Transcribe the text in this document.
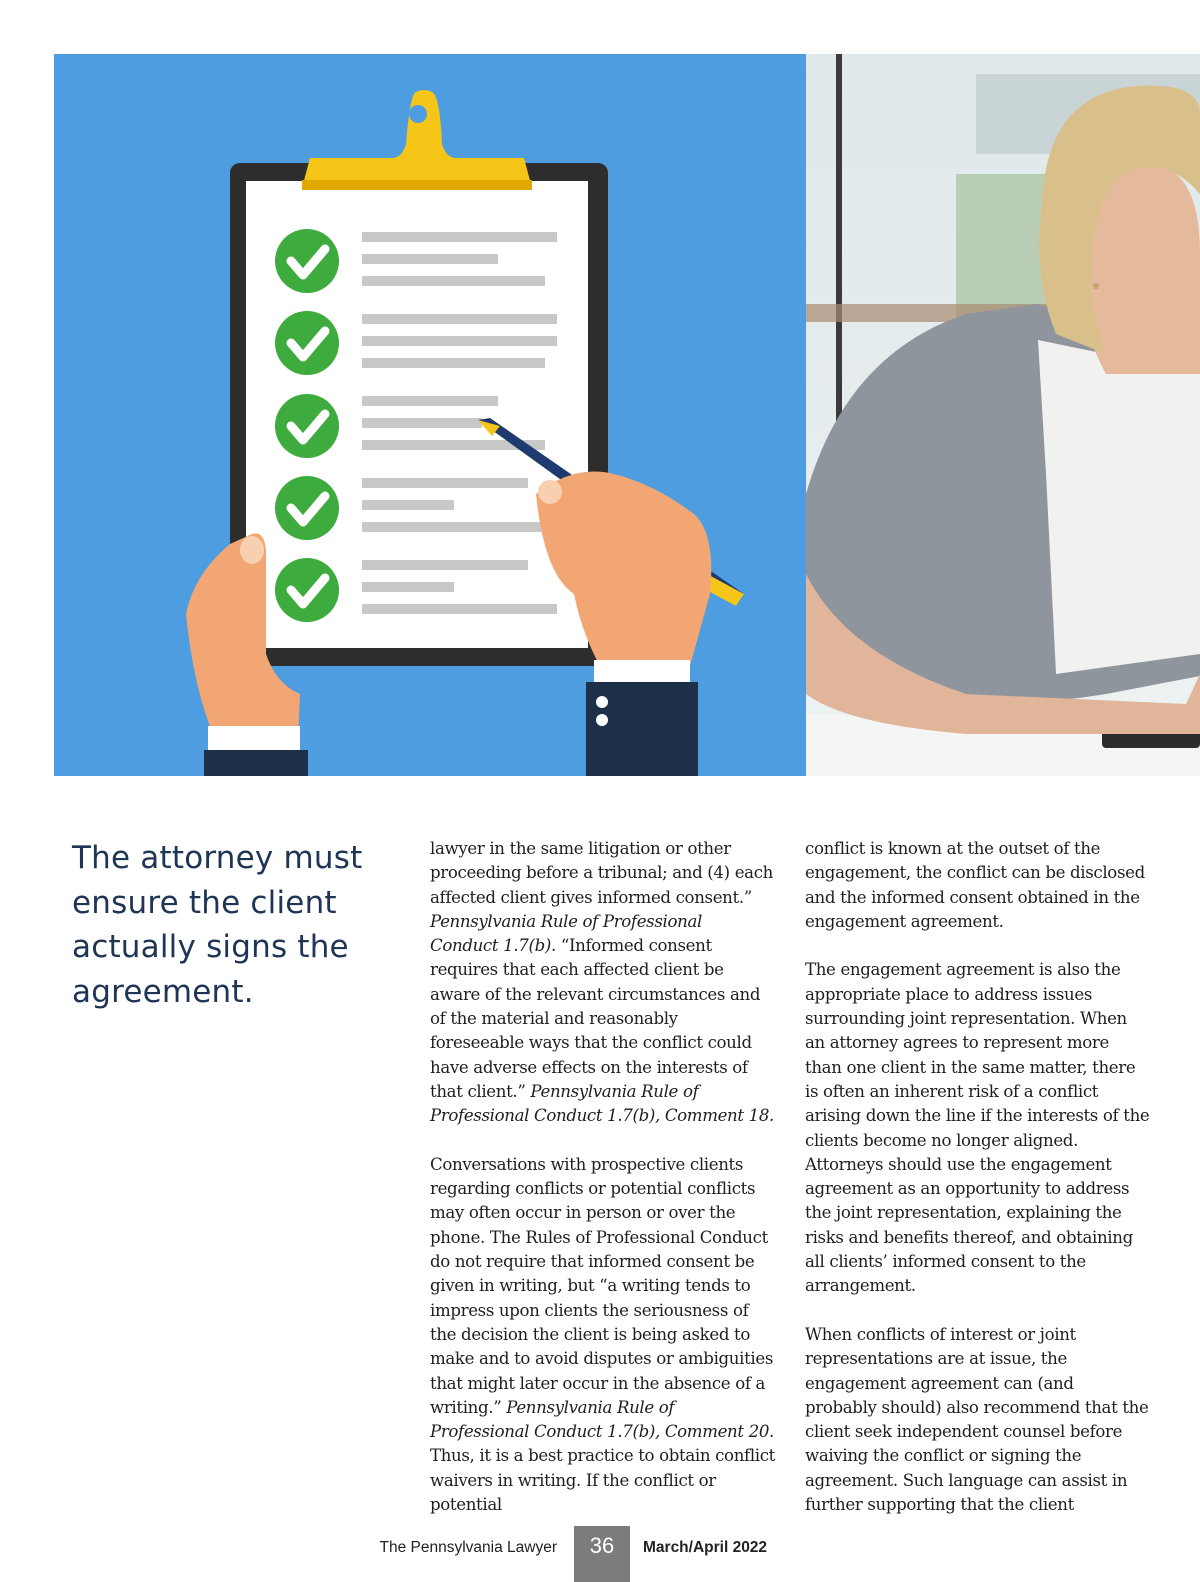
The attorney must ensure the client actually signs the agreement.

lawyer in the same litigation or other proceeding before a tribunal; and (4) each affected client gives informed consent.” Pennsylvania Rule of Professional Conduct 1.7(b). “Informed consent requires that each affected client be aware of the relevant circumstances and of the material and reasonably foreseeable ways that the conflict could have adverse effects on the interests of that client.” Pennsylvania Rule of Professional Conduct 1.7(b), Comment 18.

Conversations with prospective clients regarding conflicts or potential conflicts may often occur in person or over the phone. The Rules of Professional Conduct do not require that informed consent be given in writing, but “a writing tends to impress upon clients the seriousness of the decision the client is being asked to make and to avoid disputes or ambiguities that might later occur in the absence of a writing.” Pennsylvania Rule of Professional Conduct 1.7(b), Comment 20. Thus, it is a best practice to obtain conflict waivers in writing. If the conflict or potential

conflict is known at the outset of the engagement, the conflict can be disclosed and the informed consent obtained in the engagement agreement.

The engagement agreement is also the appropriate place to address issues surrounding joint representation. When an attorney agrees to represent more than one client in the same matter, there is often an inherent risk of a conflict arising down the line if the interests of the clients become no longer aligned. Attorneys should use the engagement agreement as an opportunity to address the joint representation, explaining the risks and benefits thereof, and obtaining all clients’ informed consent to the arrangement.

When conflicts of interest or joint representations are at issue, the engagement agreement can (and probably should) also recommend that the client seek independent counsel before waiving the conflict or signing the agreement. Such language can assist in further supporting that the client

The Pennsylvania Lawyer	36	March/April 2022
